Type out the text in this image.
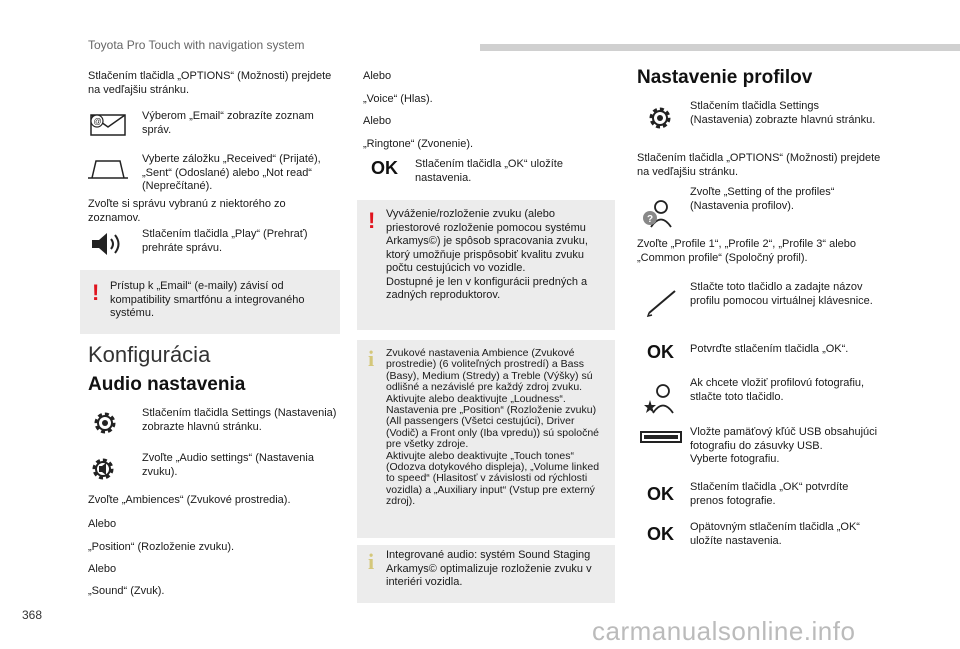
Toyota Pro Touch with navigation system
Stlačením tlačidla „OPTIONS“ (Možnosti) prejdete na vedľajšiu stránku.
@	Výberom „Email“ zobrazíte zoznam správ.
Vyberte záložku „Received“ (Prijaté), „Sent“ (Odoslané) alebo „Not read“ (Neprečítané).
Zvoľte si správu vybranú z niektorého zo zoznamov.
Stlačením tlačidla „Play“ (Prehrať) prehráte správu.
! Prístup k „Email“ (e-maily) závisí od kompatibility smartfónu a integrovaného systému.
Konfigurácia
Audio nastavenia
Stlačením tlačidla Settings (Nastavenia) zobrazte hlavnú stránku.
Zvoľte „Audio settings“ (Nastavenia zvuku).
Zvoľte „Ambiences“ (Zvukové prostredia).
Alebo
„Position“ (Rozloženie zvuku).
Alebo
„Sound“ (Zvuk).
Alebo
„Voice“ (Hlas).
Alebo
„Ringtone“ (Zvonenie).
OK Stlačením tlačidla „OK“ uložíte nastavenia.
! Vyváženie/rozloženie zvuku (alebo priestorové rozloženie pomocou systému Arkamys©) je spôsob spracovania zvuku, ktorý umožňuje prispôsobiť kvalitu zvuku počtu cestujúcich vo vozidle.
Dostupné je len v konfigurácii predných a zadných reproduktorov.
i Zvukové nastavenia Ambience (Zvukové prostredie) (6 voliteľných prostredí) a Bass (Basy), Medium (Stredy) a Treble (Výšky) sú odlišné a nezávislé pre každý zdroj zvuku.
Aktivujte alebo deaktivujte „Loudness“.
Nastavenia pre „Position“ (Rozloženie zvuku) (All passengers (Všetci cestujúci), Driver (Vodič) a Front only (Iba vpredu)) sú spoločné pre všetky zdroje.
Aktivujte alebo deaktivujte „Touch tones“ (Odozva dotykového displeja), „Volume linked to speed“ (Hlasitosť v závislosti od rýchlosti vozidla) a „Auxiliary input“ (Vstup pre externý zdroj).
i Integrované audio: systém Sound Staging Arkamys© optimalizuje rozloženie zvuku v interiéri vozidla.
Nastavenie profilov
Stlačením tlačidla Settings (Nastavenia) zobrazte hlavnú stránku.
Stlačením tlačidla „OPTIONS“ (Možnosti) prejdete na vedľajšiu stránku.
?
Zvoľte „Setting of the profiles“ (Nastavenia profilov).
Zvoľte „Profile 1“, „Profile 2“, „Profile 3“ alebo „Common profile“ (Spoločný profil).
Stlačte toto tlačidlo a zadajte názov profilu pomocou virtuálnej klávesnice.
OK Potvrďte stlačením tlačidla „OK“.
Ak chcete vložiť profilovú fotografiu, stlačte toto tlačidlo.
Vložte pamäťový kľúč USB obsahujúci fotografiu do zásuvky USB.
Vyberte fotografiu.
OK Stlačením tlačidla „OK“ potvrdíte prenos fotografie.
OK Opätovným stlačením tlačidla „OK“ uložíte nastavenia.
368
carmanualsonline.info
